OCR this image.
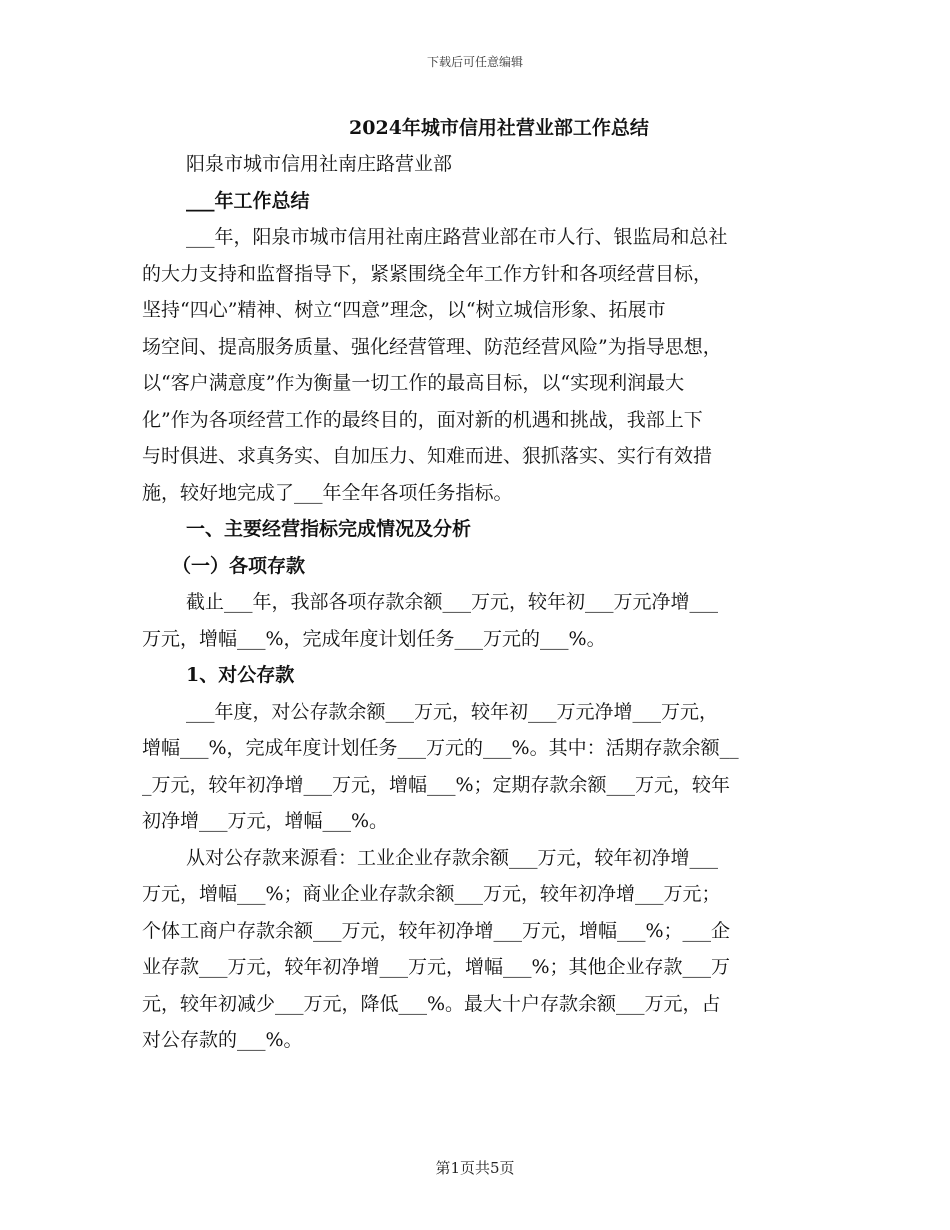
下载后可任意编辑
2024年城市信用社营业部工作总结
阳泉市城市信用社南庄路营业部
___年工作总结
___年，阳泉市城市信用社南庄路营业部在市人行、银监局和总社
的大力支持和监督指导下，紧紧围绕全年工作方针和各项经营目标，
坚持“四心”精神、树立“四意”理念，以“树立城信形象、拓展市
场空间、提高服务质量、强化经营管理、防范经营风险”为指导思想，
以“客户满意度”作为衡量一切工作的最高目标，以“实现利润最大
化”作为各项经营工作的最终目的，面对新的机遇和挑战，我部上下
与时俱进、求真务实、自加压力、知难而进、狠抓落实、实行有效措
施，较好地完成了___年全年各项任务指标。
一、主要经营指标完成情况及分析
（一）各项存款
截止___年，我部各项存款余额___万元，较年初___万元净增___
万元，增幅___%，完成年度计划任务___万元的___%。
1、对公存款
___年度，对公存款余额___万元，较年初___万元净增___万元，
增幅___%，完成年度计划任务___万元的___%。其中：活期存款余额__
_万元，较年初净增___万元，增幅___%；定期存款余额___万元，较年
初净增___万元，增幅___%。
从对公存款来源看：工业企业存款余额___万元，较年初净增___
万元，增幅___%；商业企业存款余额___万元，较年初净增___万元；
个体工商户存款余额___万元，较年初净增___万元，增幅___%；___企
业存款___万元，较年初净增___万元，增幅___%；其他企业存款___万
元，较年初减少___万元，降低___%。最大十户存款余额___万元，占
对公存款的___%。
第1页共5页
